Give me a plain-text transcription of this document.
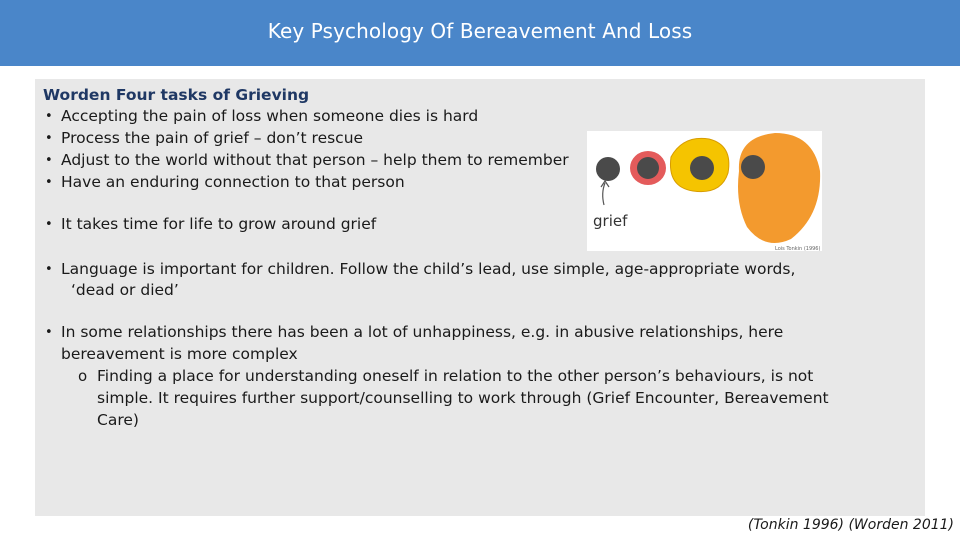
Key Psychology Of Bereavement And Loss
Worden Four tasks of Grieving
• Accepting the pain of loss when someone dies is hard
• Process the pain of grief – don’t rescue
• Adjust to the world without that person – help them to remember
• Have an enduring connection to that person
• It takes time for life to grow around grief	grief
Lois Tonkin (1996)
• Language is important for children. Follow the child’s lead, use simple, age-appropriate words,
‘dead or died’
• In some relationships there has been a lot of unhappiness, e.g. in abusive relationships, here
bereavement is more complex
o Finding a place for understanding oneself in relation to the other person’s behaviours, is not
simple. It requires further support/counselling to work through (Grief Encounter, Bereavement
Care)
(Tonkin 1996) (Worden 2011)
